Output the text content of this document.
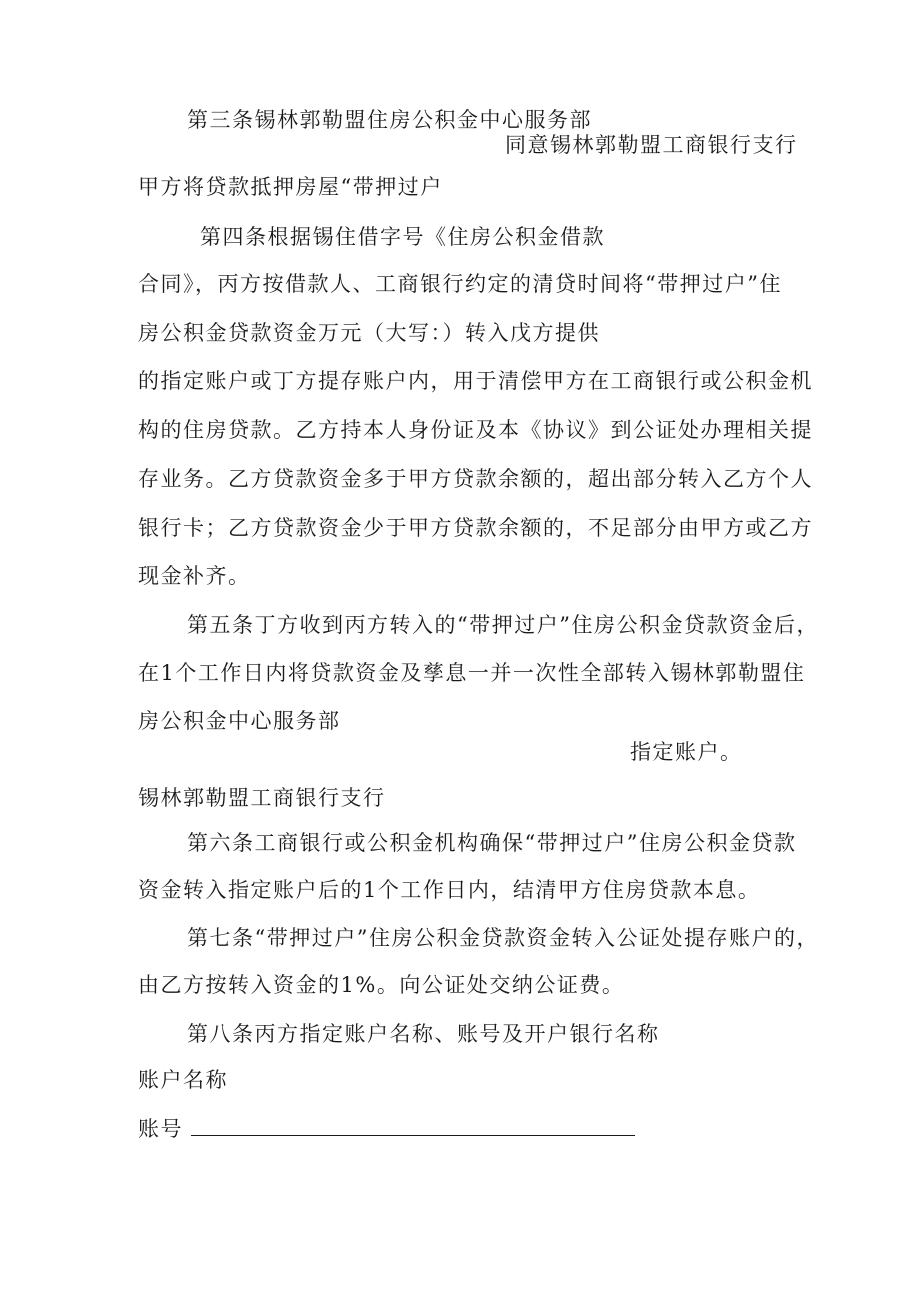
第三条锡林郭勒盟住房公积金中心服务部
同意锡林郭勒盟工商银行支行
甲方将贷款抵押房屋“带押过户
第四条根据锡住借字号《住房公积金借款
合同》，丙方按借款人、工商银行约定的清贷时间将“带押过户”住
房公积金贷款资金万元（大写：）转入戊方提供
的指定账户或丁方提存账户内，用于清偿甲方在工商银行或公积金机
构的住房贷款。乙方持本人身份证及本《协议》到公证处办理相关提
存业务。乙方贷款资金多于甲方贷款余额的，超出部分转入乙方个人
银行卡；乙方贷款资金少于甲方贷款余额的，不足部分由甲方或乙方
现金补齐。
第五条丁方收到丙方转入的“带押过户”住房公积金贷款资金后，
在1个工作日内将贷款资金及孳息一并一次性全部转入锡林郭勒盟住
房公积金中心服务部
指定账户。
锡林郭勒盟工商银行支行
第六条工商银行或公积金机构确保“带押过户”住房公积金贷款
资金转入指定账户后的1个工作日内，结清甲方住房贷款本息。
第七条“带押过户”住房公积金贷款资金转入公证处提存账户的，
由乙方按转入资金的1%。向公证处交纳公证费。
第八条丙方指定账户名称、账号及开户银行名称
账户名称
账号
